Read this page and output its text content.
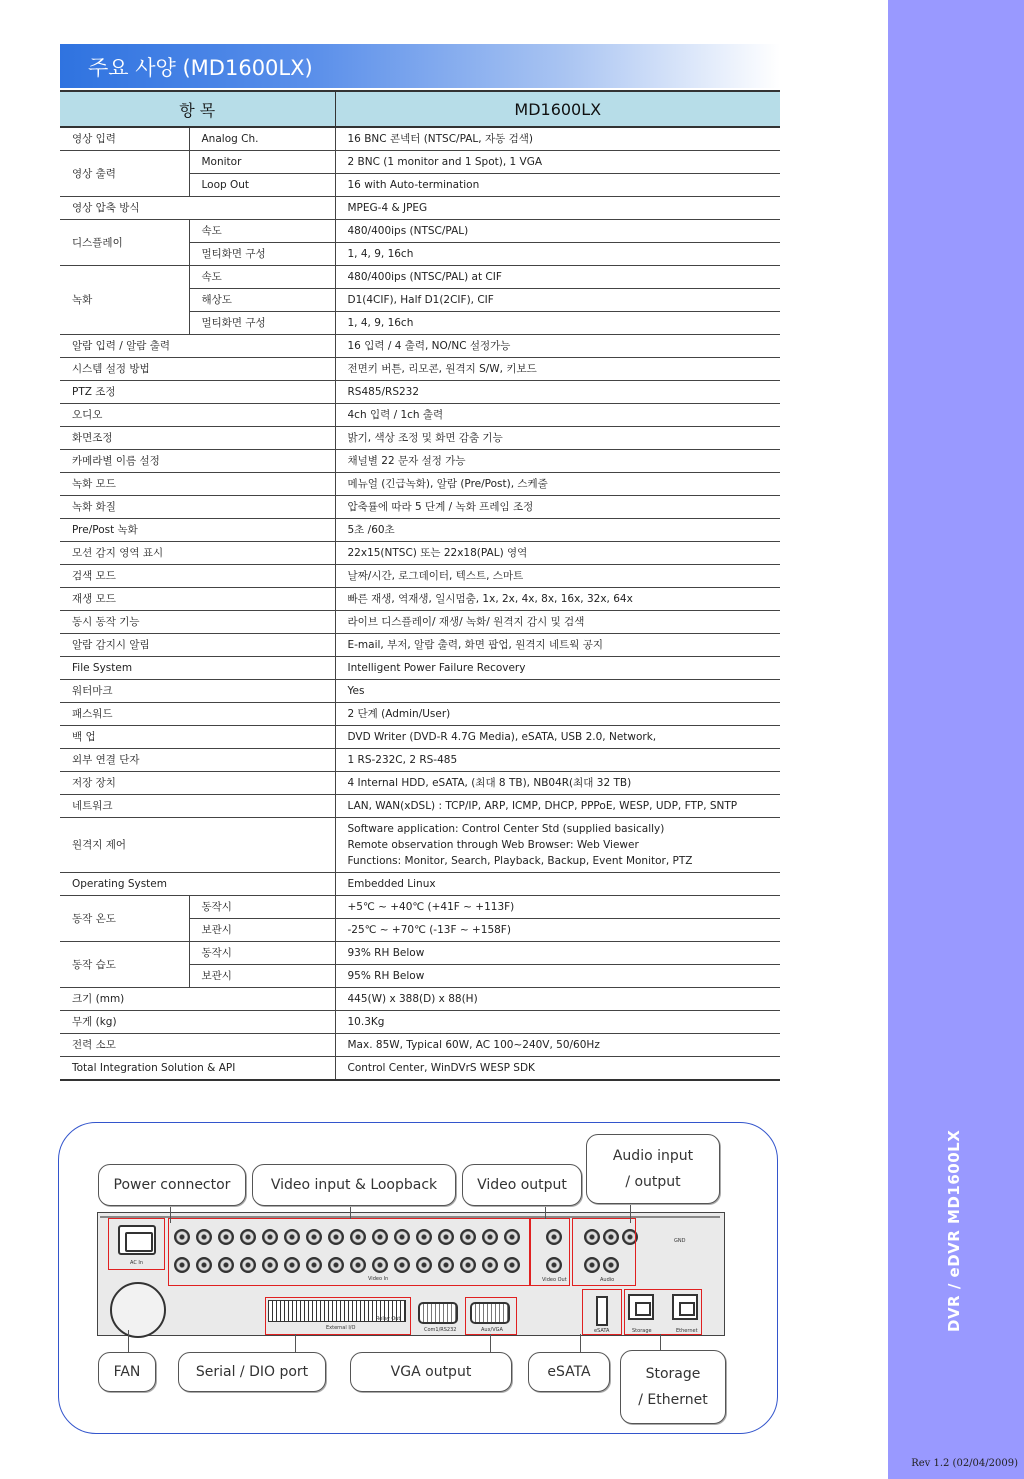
DVR / eDVR MD1600LX
Rev 1.2 (02/04/2009)
주요 사양 (MD1600LX)
항 목		MD1600LX
영상 입력	Analog Ch.	16 BNC 콘넥터 (NTSC/PAL, 자동 검색)
영상 출력	Monitor	2 BNC (1 monitor and 1 Spot), 1 VGA
	Loop Out	16 with Auto-termination
영상 압축 방식		MPEG-4 & JPEG
디스플레이	속도	480/400ips (NTSC/PAL)
	멀티화면 구성	1, 4, 9, 16ch
녹화	속도	480/400ips (NTSC/PAL) at CIF
	해상도	D1(4CIF), Half D1(2CIF), CIF
	멀티화면 구성	1, 4, 9, 16ch
알람 입력 / 알람 출력		16 입력 / 4 출력, NO/NC 설정가능
시스템 설정 방법		전면키 버튼, 리모콘, 원격지 S/W, 키보드
PTZ 조정		RS485/RS232
오디오		4ch 입력 / 1ch 출력
화면조정		밝기, 색상 조정 및 화면 감춤 기능
카메라별 이름 설정		채널별 22 문자 설정 가능
녹화 모드		메뉴얼 (긴급녹화), 알람 (Pre/Post), 스케줄
녹화 화질		압축률에 따라 5 단계 / 녹화 프레임 조정
Pre/Post 녹화		5초 /60초
모션 감지 영역 표시		22x15(NTSC) 또는 22x18(PAL) 영역
검색 모드		날짜/시간, 로그데이터, 텍스트, 스마트
재생 모드		빠른 재생, 역재생, 일시멈춤, 1x, 2x, 4x, 8x, 16x, 32x, 64x
동시 동작 기능		라이브 디스플레이/ 재생/ 녹화/ 원격지 감시 및 검색
알람 감지시 알림		E-mail, 부저, 알람 출력, 화면 팝업, 원격지 네트웍 공지
File System		Intelligent Power Failure Recovery
워터마크		Yes
패스워드		2 단계 (Admin/User)
백 업		DVD Writer (DVD-R 4.7G Media), eSATA, USB 2.0, Network,
외부 연결 단자		1 RS-232C, 2 RS-485
저장 장치		4 Internal HDD, eSATA, (최대 8 TB), NB04R(최대 32 TB)
네트워크		LAN, WAN(xDSL) : TCP/IP, ARP, ICMP, DHCP, PPPoE, WESP, UDP, FTP, SNTP
원격지 제어		Software application: Control Center Std (supplied basically)
Remote observation through Web Browser: Web Viewer
Functions: Monitor, Search, Playback, Backup, Event Monitor, PTZ

Operating System		Embedded Linux
동작 온도	동작시	+5℃ ~ +40℃ (+41F ~ +113F)
	보관시	-25℃ ~ +70℃ (-13F ~ +158F)
동작 습도	동작시	93% RH Below
	보관시	95% RH Below
크기 (mm)		445(W) x 388(D) x 88(H)
무게 (kg)		10.3Kg
전력 소모		Max. 85W, Typical 60W, AC 100~240V, 50/60Hz
Total Integration Solution & API		Control Center, WinDVrS WESP SDK
AC In
Video In	Video Out	Audio
GND
External I/O
Relay Out
Com1/RS232	Aux/VGA	eSATA	Storage	Ethernet
Power connector	Video input & Loopback	Video output
Audio input
/ output
FAN	Serial / DIO port	VGA output	eSATA	Storage
/ Ethernet
